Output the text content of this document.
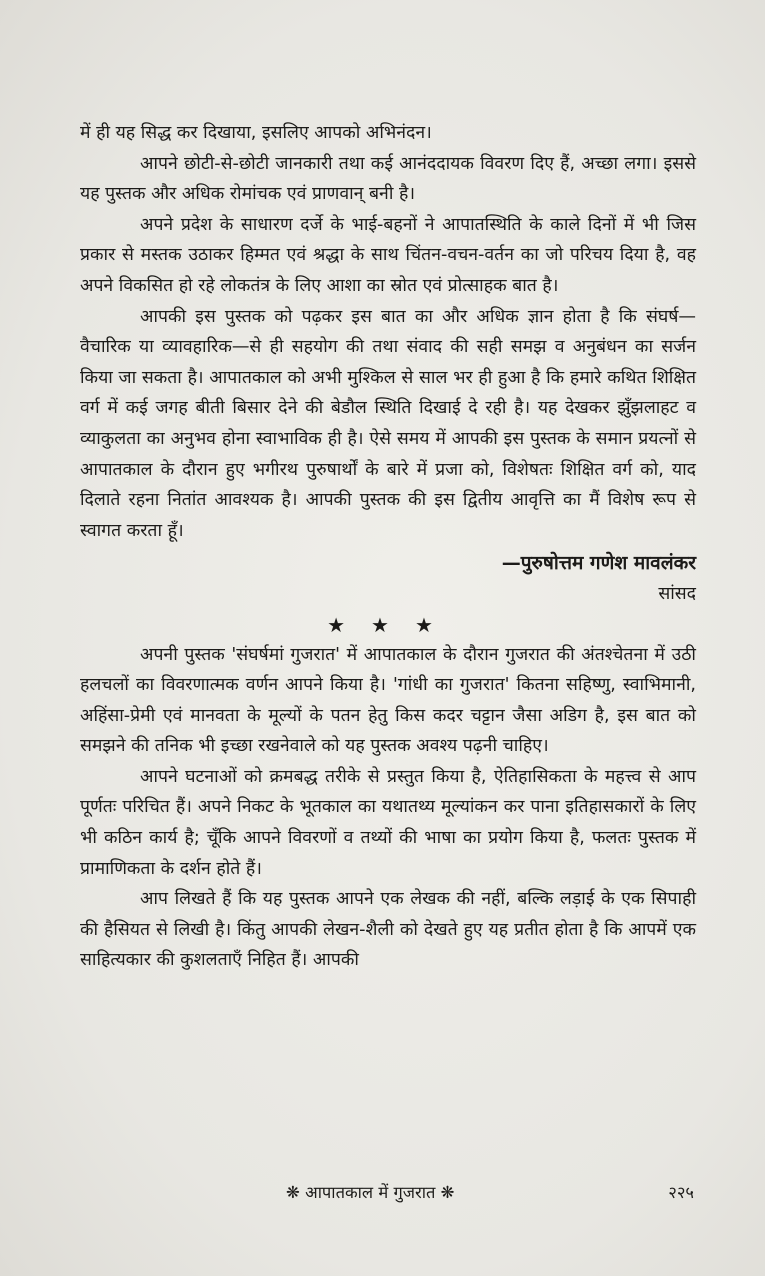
में ही यह सिद्ध कर दिखाया, इसलिए आपको अभिनंदन।

आपने छोटी-से-छोटी जानकारी तथा कई आनंददायक विवरण दिए हैं, अच्छा लगा। इससे यह पुस्तक और अधिक रोमांचक एवं प्राणवान् बनी है।

अपने प्रदेश के साधारण दर्जे के भाई-बहनों ने आपातस्थिति के काले दिनों में भी जिस प्रकार से मस्तक उठाकर हिम्मत एवं श्रद्धा के साथ चिंतन-वचन-वर्तन का जो परिचय दिया है, वह अपने विकसित हो रहे लोकतंत्र के लिए आशा का स्रोत एवं प्रोत्साहक बात है।

आपकी इस पुस्तक को पढ़कर इस बात का और अधिक ज्ञान होता है कि संघर्ष—वैचारिक या व्यावहारिक—से ही सहयोग की तथा संवाद की सही समझ व अनुबंधन का सर्जन किया जा सकता है। आपातकाल को अभी मुश्किल से साल भर ही हुआ है कि हमारे कथित शिक्षित वर्ग में कई जगह बीती बिसार देने की बेडौल स्थिति दिखाई दे रही है। यह देखकर झुँझलाहट व व्याकुलता का अनुभव होना स्वाभाविक ही है। ऐसे समय में आपकी इस पुस्तक के समान प्रयत्नों से आपातकाल के दौरान हुए भगीरथ पुरुषार्थों के बारे में प्रजा को, विशेषतः शिक्षित वर्ग को, याद दिलाते रहना नितांत आवश्यक है। आपकी पुस्तक की इस द्वितीय आवृत्ति का मैं विशेष रूप से स्वागत करता हूँ।

—पुरुषोत्तम गणेश मावलंकर
सांसद
★★★

अपनी पुस्तक 'संघर्षमां गुजरात' में आपातकाल के दौरान गुजरात की अंतश्चेतना में उठी हलचलों का विवरणात्मक वर्णन आपने किया है। 'गांधी का गुजरात' कितना सहिष्णु, स्वाभिमानी, अहिंसा-प्रेमी एवं मानवता के मूल्यों के पतन हेतु किस कदर चट्टान जैसा अडिग है, इस बात को समझने की तनिक भी इच्छा रखनेवाले को यह पुस्तक अवश्य पढ़नी चाहिए।

आपने घटनाओं को क्रमबद्ध तरीके से प्रस्तुत किया है, ऐतिहासिकता के महत्त्व से आप पूर्णतः परिचित हैं। अपने निकट के भूतकाल का यथातथ्य मूल्यांकन कर पाना इतिहासकारों के लिए भी कठिन कार्य है; चूँकि आपने विवरणों व तथ्यों की भाषा का प्रयोग किया है, फलतः पुस्तक में प्रामाणिकता के दर्शन होते हैं।

आप लिखते हैं कि यह पुस्तक आपने एक लेखक की नहीं, बल्कि लड़ाई के एक सिपाही की हैसियत से लिखी है। किंतु आपकी लेखन-शैली को देखते हुए यह प्रतीत होता है कि आपमें एक साहित्यकार की कुशलताएँ निहित हैं। आपकी

❋ आपातकाल में गुजरात ❋	२२५
